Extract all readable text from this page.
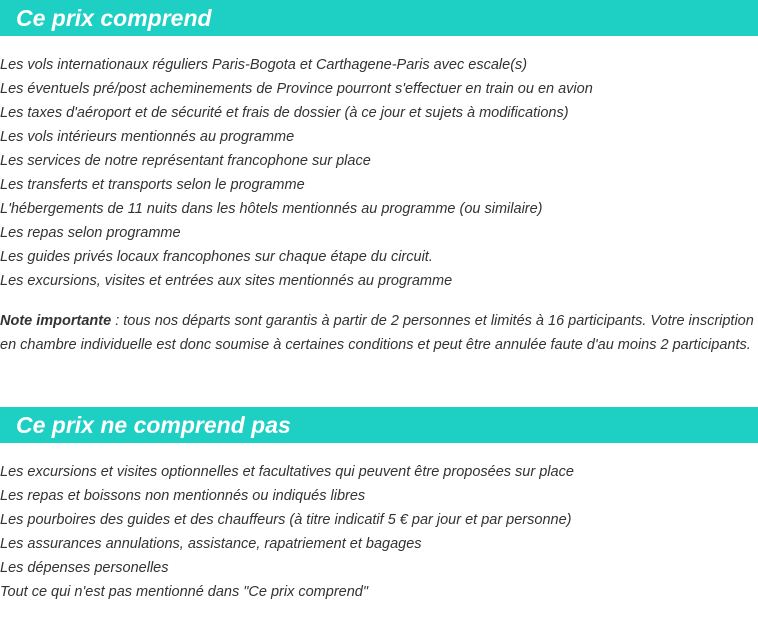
Ce prix comprend
Les vols internationaux réguliers Paris-Bogota et Carthagene-Paris avec escale(s)
Les éventuels pré/post acheminements de Province pourront s'effectuer en train ou en avion
Les taxes d'aéroport et de sécurité et frais de dossier (à ce jour et sujets à modifications)
Les vols intérieurs mentionnés au programme
Les services de notre représentant francophone sur place
Les transferts et transports selon le programme
L'hébergements de 11 nuits dans les hôtels mentionnés au programme (ou similaire)
Les repas selon programme
Les guides privés locaux francophones sur chaque étape du circuit.
Les excursions, visites et entrées aux sites mentionnés au programme

Note importante : tous nos départs sont garantis à partir de 2 personnes et limités à 16 participants. Votre inscription en chambre individuelle est donc soumise à certaines conditions et peut être annulée faute d'au moins 2 participants.

Ce prix ne comprend pas
Les excursions et visites optionnelles et facultatives qui peuvent être proposées sur place
Les repas et boissons non mentionnés ou indiqués libres
Les pourboires des guides et des chauffeurs (à titre indicatif 5 € par jour et par personne)
Les assurances annulations, assistance, rapatriement et bagages
Les dépenses personelles
Tout ce qui n'est pas mentionné dans "Ce prix comprend"
